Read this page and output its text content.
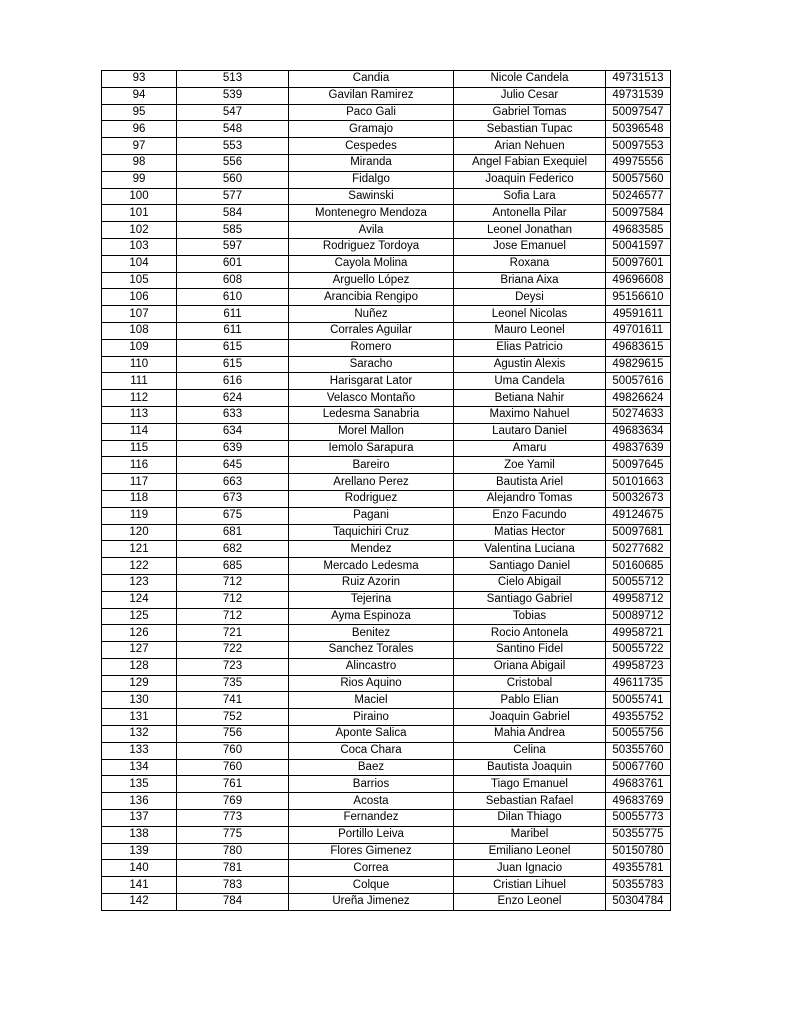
93	513	Candia	Nicole Candela	49731513
94	539	Gavilan Ramirez	Julio Cesar	49731539
95	547	Paco Gali	Gabriel Tomas	50097547
96	548	Gramajo	Sebastian Tupac	50396548
97	553	Cespedes	Arian Nehuen	50097553
98	556	Miranda	Angel Fabian Exequiel	49975556
99	560	Fidalgo	Joaquin Federico	50057560
100	577	Sawinski	Sofia Lara	50246577
101	584	Montenegro Mendoza	Antonella Pilar	50097584
102	585	Avila	Leonel Jonathan	49683585
103	597	Rodriguez Tordoya	Jose Emanuel	50041597
104	601	Cayola Molina	Roxana	50097601
105	608	Arguello López	Briana Aixa	49696608
106	610	Arancibia Rengipo	Deysi	95156610
107	611	Nuñez	Leonel Nicolas	49591611
108	611	Corrales Aguilar	Mauro Leonel	49701611
109	615	Romero	Elias Patricio	49683615
110	615	Saracho	Agustin Alexis	49829615
111	616	Harisgarat Lator	Uma Candela	50057616
112	624	Velasco Montaño	Betiana Nahir	49826624
113	633	Ledesma Sanabria	Maximo Nahuel	50274633
114	634	Morel Mallon	Lautaro Daniel	49683634
115	639	Iemolo Sarapura	Amaru	49837639
116	645	Bareiro	Zoe Yamil	50097645
117	663	Arellano Perez	Bautista Ariel	50101663
118	673	Rodriguez	Alejandro Tomas	50032673
119	675	Pagani	Enzo Facundo	49124675
120	681	Taquichiri Cruz	Matias Hector	50097681
121	682	Mendez	Valentina Luciana	50277682
122	685	Mercado Ledesma	Santiago Daniel	50160685
123	712	Ruiz Azorin	Cielo Abigail	50055712
124	712	Tejerina	Santiago Gabriel	49958712
125	712	Ayma Espinoza	Tobias	50089712
126	721	Benitez	Rocio Antonela	49958721
127	722	Sanchez Torales	Santino Fidel	50055722
128	723	Alincastro	Oriana Abigail	49958723
129	735	Rios Aquino	Cristobal	49611735
130	741	Maciel	Pablo Elian	50055741
131	752	Piraino	Joaquin Gabriel	49355752
132	756	Aponte Salica	Mahia Andrea	50055756
133	760	Coca Chara	Celina	50355760
134	760	Baez	Bautista Joaquin	50067760
135	761	Barrios	Tiago Emanuel	49683761
136	769	Acosta	Sebastian Rafael	49683769
137	773	Fernandez	Dilan Thiago	50055773
138	775	Portillo Leiva	Maribel	50355775
139	780	Flores Gimenez	Emiliano Leonel	50150780
140	781	Correa	Juan Ignacio	49355781
141	783	Colque	Cristian Lihuel	50355783
142	784	Ureña Jimenez	Enzo Leonel	50304784
